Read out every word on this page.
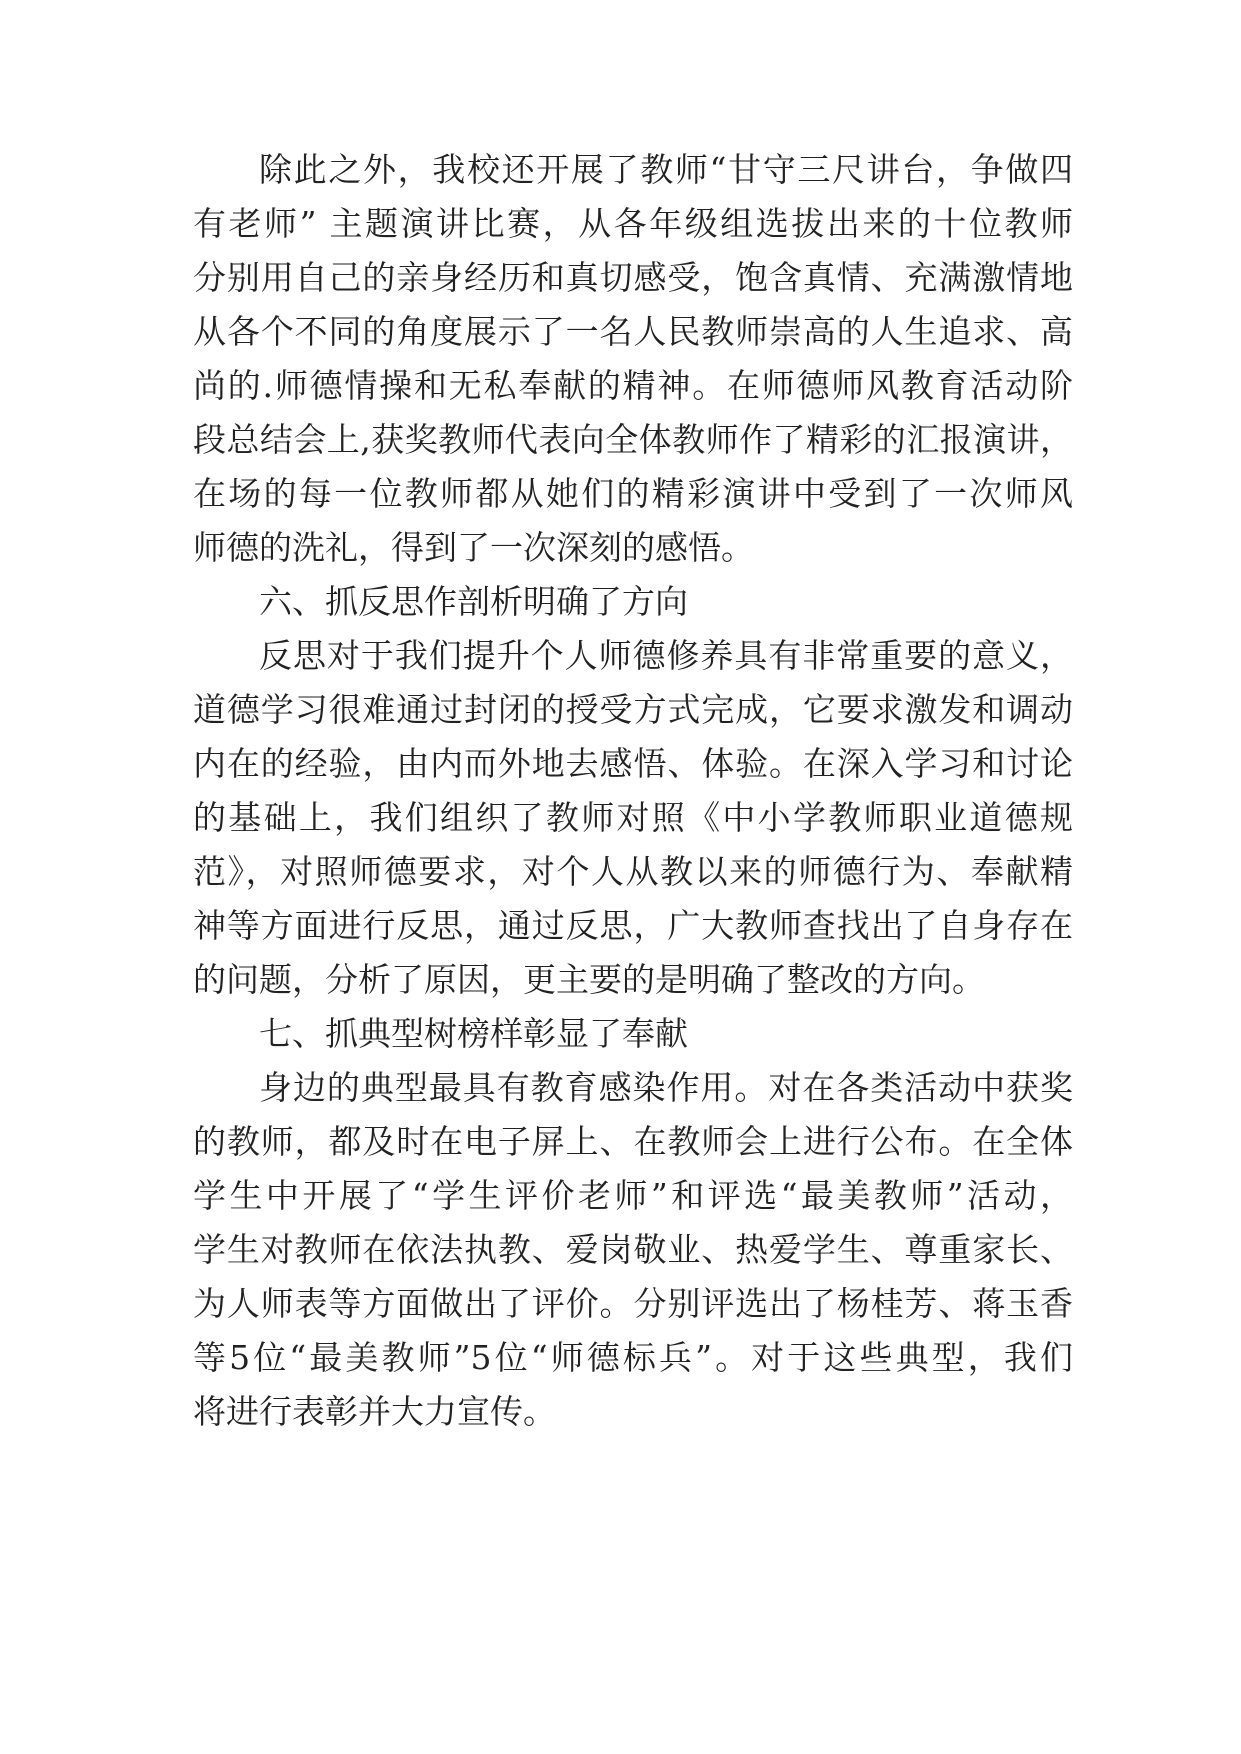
除此之外，我校还开展了教师“甘守三尺讲台，争做四
有老师” 主题演讲比赛，从各年级组选拔出来的十位教师
分别用自己的亲身经历和真切感受，饱含真情、充满激情地
从各个不同的角度展示了一名人民教师崇高的人生追求、高
尚的.师德情操和无私奉献的精神。在师德师风教育活动阶
段总结会上,获奖教师代表向全体教师作了精彩的汇报演讲，
在场的每一位教师都从她们的精彩演讲中受到了一次师风
师德的洗礼，得到了一次深刻的感悟。
六、抓反思作剖析明确了方向
反思对于我们提升个人师德修养具有非常重要的意义，
道德学习很难通过封闭的授受方式完成，它要求激发和调动
内在的经验，由内而外地去感悟、体验。在深入学习和讨论
的基础上，我们组织了教师对照《中小学教师职业道德规
范》，对照师德要求，对个人从教以来的师德行为、奉献精
神等方面进行反思，通过反思，广大教师查找出了自身存在
的问题，分析了原因，更主要的是明确了整改的方向。
七、抓典型树榜样彰显了奉献
身边的典型最具有教育感染作用。对在各类活动中获奖
的教师，都及时在电子屏上、在教师会上进行公布。在全体
学生中开展了“学生评价老师”和评选“最美教师”活动，
学生对教师在依法执教、爱岗敬业、热爱学生、尊重家长、
为人师表等方面做出了评价。分别评选出了杨桂芳、蒋玉香
等5位“最美教师”5位“师德标兵”。对于这些典型，我们
将进行表彰并大力宣传。
